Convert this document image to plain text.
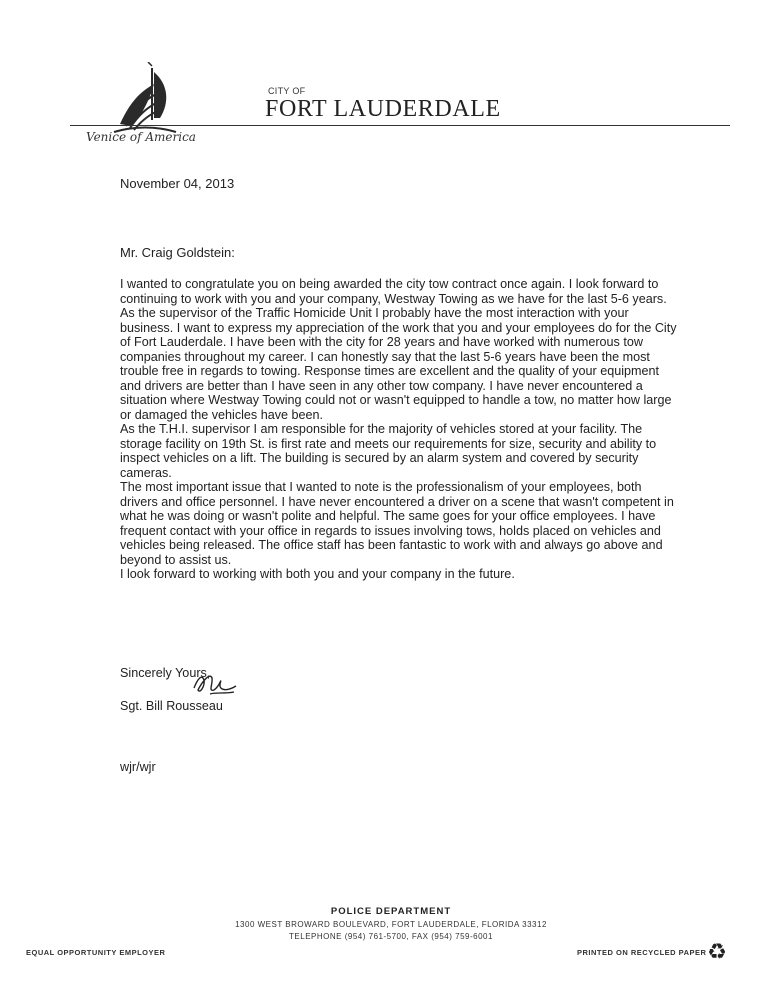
CITY OF
FORT LAUDERDALE
Venice of America
November 04, 2013
Mr. Craig Goldstein:

I wanted to congratulate you on being awarded the city tow contract once again. I look forward to continuing to work with you and your company, Westway Towing as we have for the last 5-6 years.

As the supervisor of the Traffic Homicide Unit I probably have the most interaction with your business. I want to express my appreciation of the work that you and your employees do for the City of Fort Lauderdale. I have been with the city for 28 years and have worked with numerous tow companies throughout my career. I can honestly say that the last 5-6 years have been the most trouble free in regards to towing. Response times are excellent and the quality of your equipment and drivers are better than I have seen in any other tow company. I have never encountered a situation where Westway Towing could not or wasn't equipped to handle a tow, no matter how large or damaged the vehicles have been.

As the T.H.I. supervisor I am responsible for the majority of vehicles stored at your facility. The storage facility on 19th St. is first rate and meets our requirements for size, security and ability to inspect vehicles on a lift. The building is secured by an alarm system and covered by security cameras.

The most important issue that I wanted to note is the professionalism of your employees, both drivers and office personnel. I have never encountered a driver on a scene that wasn't competent in what he was doing or wasn't polite and helpful. The same goes for your office employees. I have frequent contact with your office in regards to issues involving tows, holds placed on vehicles and vehicles being released. The office staff has been fantastic to work with and always go above and beyond to assist us.

I look forward to working with both you and your company in the future.

Sincerely Yours,
Sgt. Bill Rousseau
wjr/wjr
POLICE DEPARTMENT
1300 WEST BROWARD BOULEVARD, FORT LAUDERDALE, FLORIDA 33312
TELEPHONE (954) 761-5700, FAX (954) 759-6001
EQUAL OPPORTUNITY EMPLOYER	PRINTED ON RECYCLED PAPER ♻
